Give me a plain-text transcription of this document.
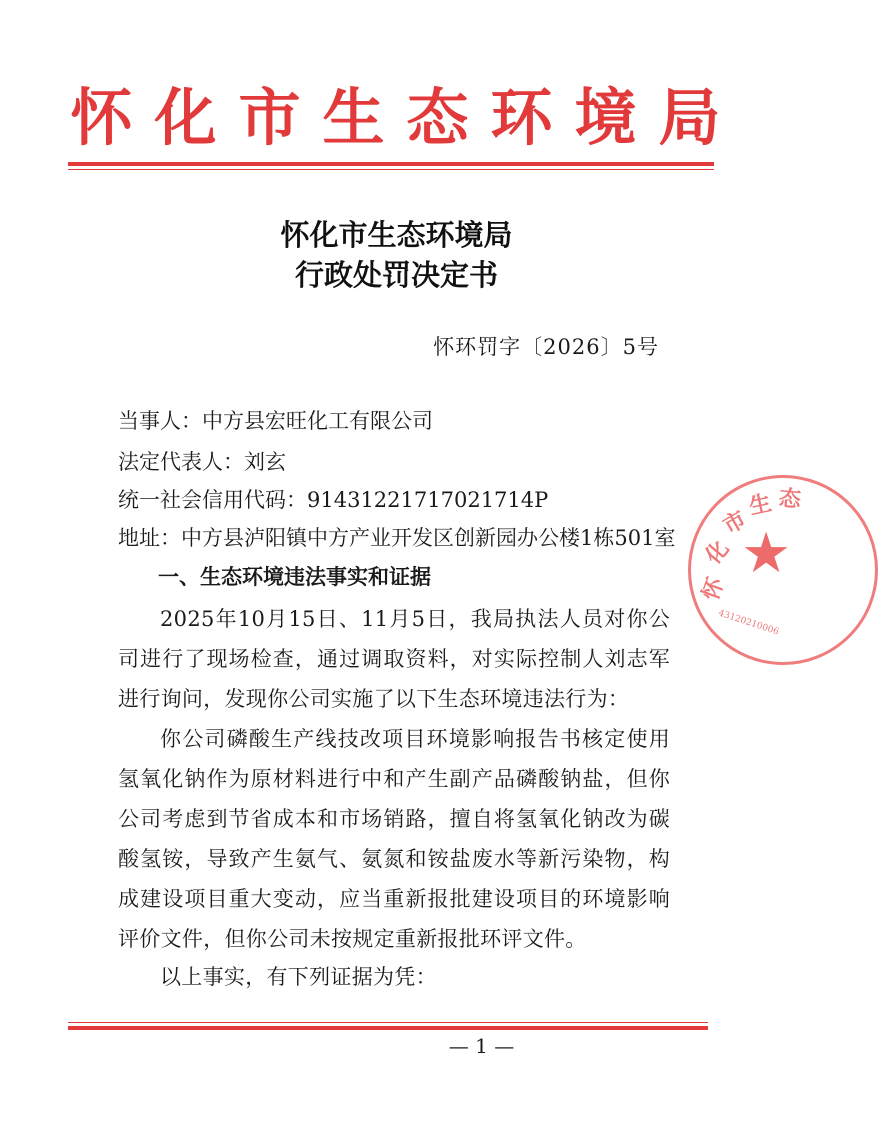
怀化市生态环境局
怀化市生态环境局
行政处罚决定书
怀环罚字〔2026〕5号
当事人：中方县宏旺化工有限公司
法定代表人：刘玄
统一社会信用代码：91431221717021714P
地址：中方县泸阳镇中方产业开发区创新园办公楼1栋501室
一、生态环境违法事实和证据
2025年10月15日、11月5日，我局执法人员对你公司进行了现场检查，通过调取资料，对实际控制人刘志军进行询问，发现你公司实施了以下生态环境违法行为：
你公司磷酸生产线技改项目环境影响报告书核定使用氢氧化钠作为原材料进行中和产生副产品磷酸钠盐，但你公司考虑到节省成本和市场销路，擅自将氢氧化钠改为碳酸氢铵，导致产生氨气、氨氮和铵盐废水等新污染物，构成建设项目重大变动，应当重新报批建设项目的环境影响评价文件，但你公司未按规定重新报批环评文件。
以上事实，有下列证据为凭：
— 1 —
怀
化
市
生 态
★
43120210006
